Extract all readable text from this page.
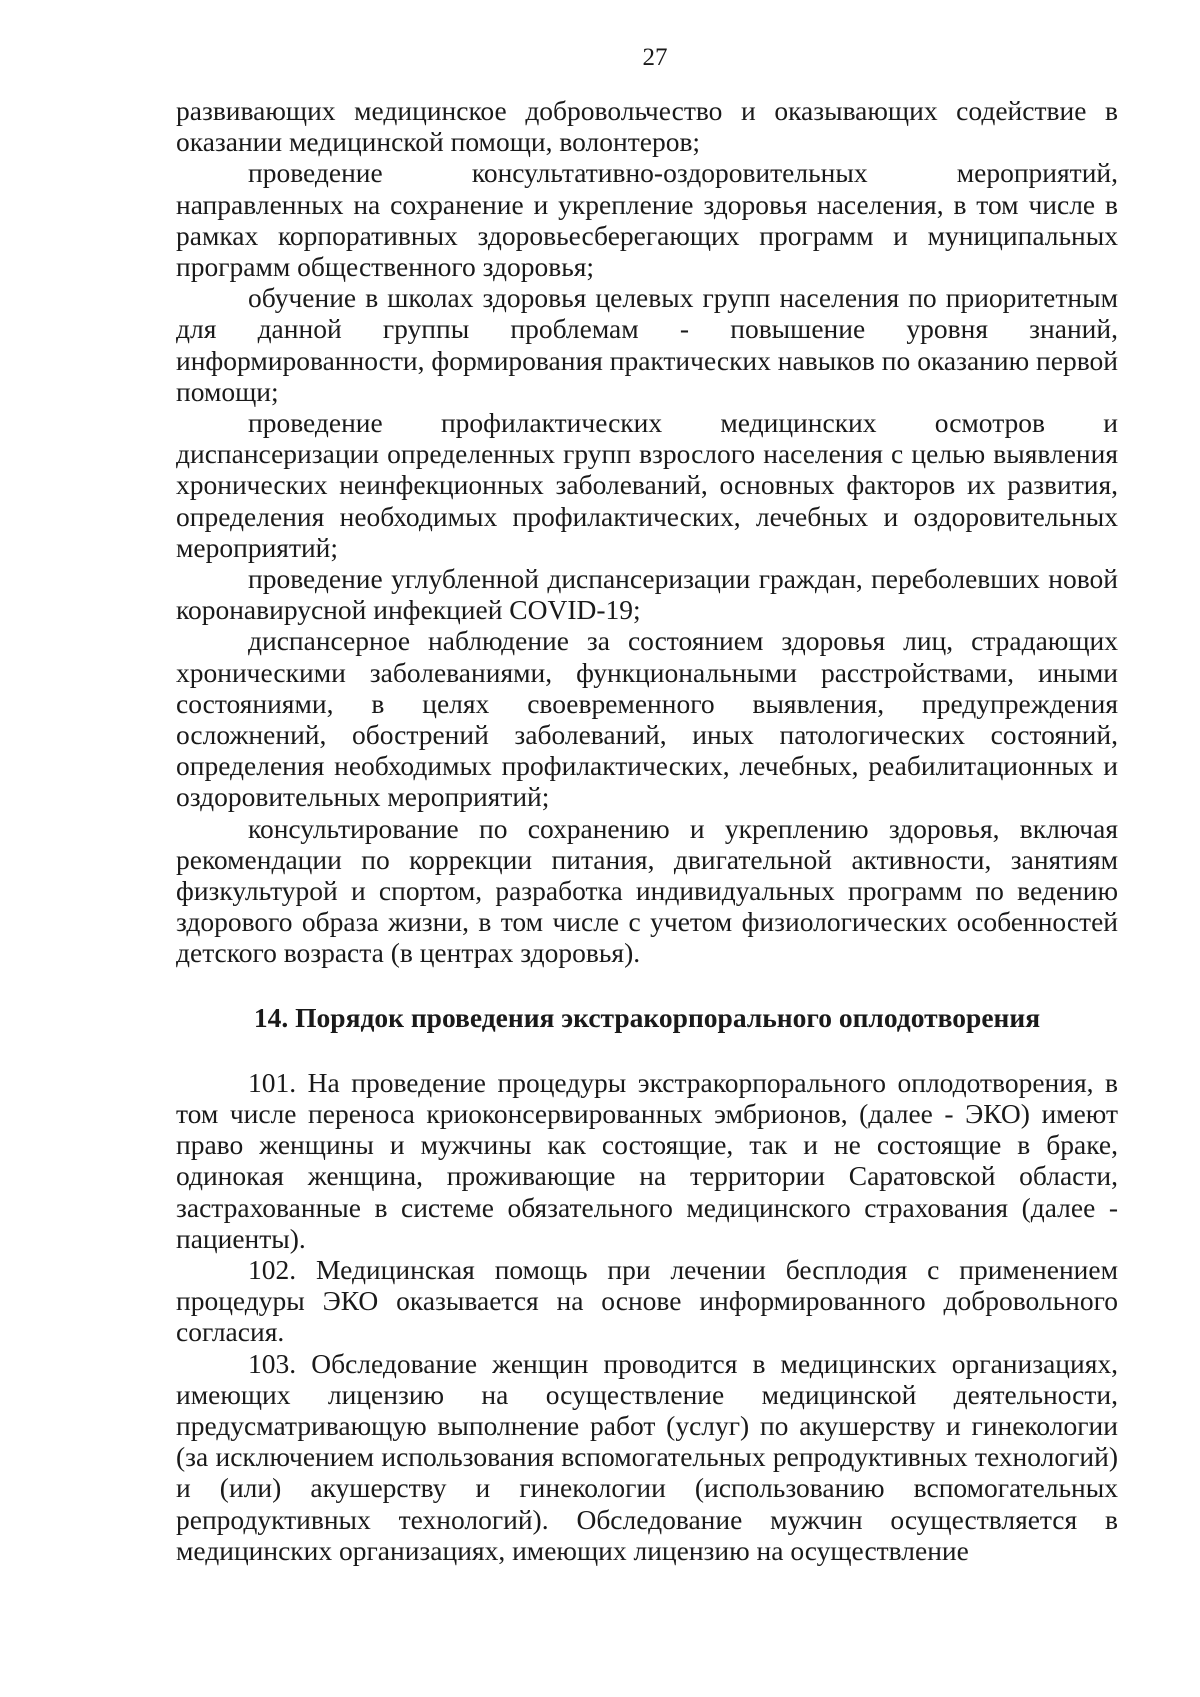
27

развивающих медицинское добровольчество и оказывающих содействие в оказании медицинской помощи, волонтеров;

проведение консультативно-оздоровительных мероприятий, направленных на сохранение и укрепление здоровья населения, в том числе в рамках корпоративных здоровьесберегающих программ и муниципальных программ общественного здоровья;

обучение в школах здоровья целевых групп населения по приоритетным для данной группы проблемам - повышение уровня знаний, информированности, формирования практических навыков по оказанию первой помощи;

проведение профилактических медицинских осмотров и диспансеризации определенных групп взрослого населения с целью выявления хронических неинфекционных заболеваний, основных факторов их развития, определения необходимых профилактических, лечебных и оздоровительных мероприятий;

проведение углубленной диспансеризации граждан, переболевших новой коронавирусной инфекцией COVID-19;

диспансерное наблюдение за состоянием здоровья лиц, страдающих хроническими заболеваниями, функциональными расстройствами, иными состояниями, в целях своевременного выявления, предупреждения осложнений, обострений заболеваний, иных патологических состояний, определения необходимых профилактических, лечебных, реабилитационных и оздоровительных мероприятий;

консультирование по сохранению и укреплению здоровья, включая рекомендации по коррекции питания, двигательной активности, занятиям физкультурой и спортом, разработка индивидуальных программ по ведению здорового образа жизни, в том числе с учетом физиологических особенностей детского возраста (в центрах здоровья).

14. Порядок проведения экстракорпорального оплодотворения

101. На проведение процедуры экстракорпорального оплодотворения, в том числе переноса криоконсервированных эмбрионов, (далее - ЭКО) имеют право женщины и мужчины как состоящие, так и не состоящие в браке, одинокая женщина, проживающие на территории Саратовской области, застрахованные в системе обязательного медицинского страхования (далее - пациенты).

102. Медицинская помощь при лечении бесплодия с применением процедуры ЭКО оказывается на основе информированного добровольного согласия.

103. Обследование женщин проводится в медицинских организациях, имеющих лицензию на осуществление медицинской деятельности, предусматривающую выполнение работ (услуг) по акушерству и гинекологии (за исключением использования вспомогательных репродуктивных технологий) и (или) акушерству и гинекологии (использованию вспомогательных репродуктивных технологий). Обследование мужчин осуществляется в медицинских организациях, имеющих лицензию на осуществление
